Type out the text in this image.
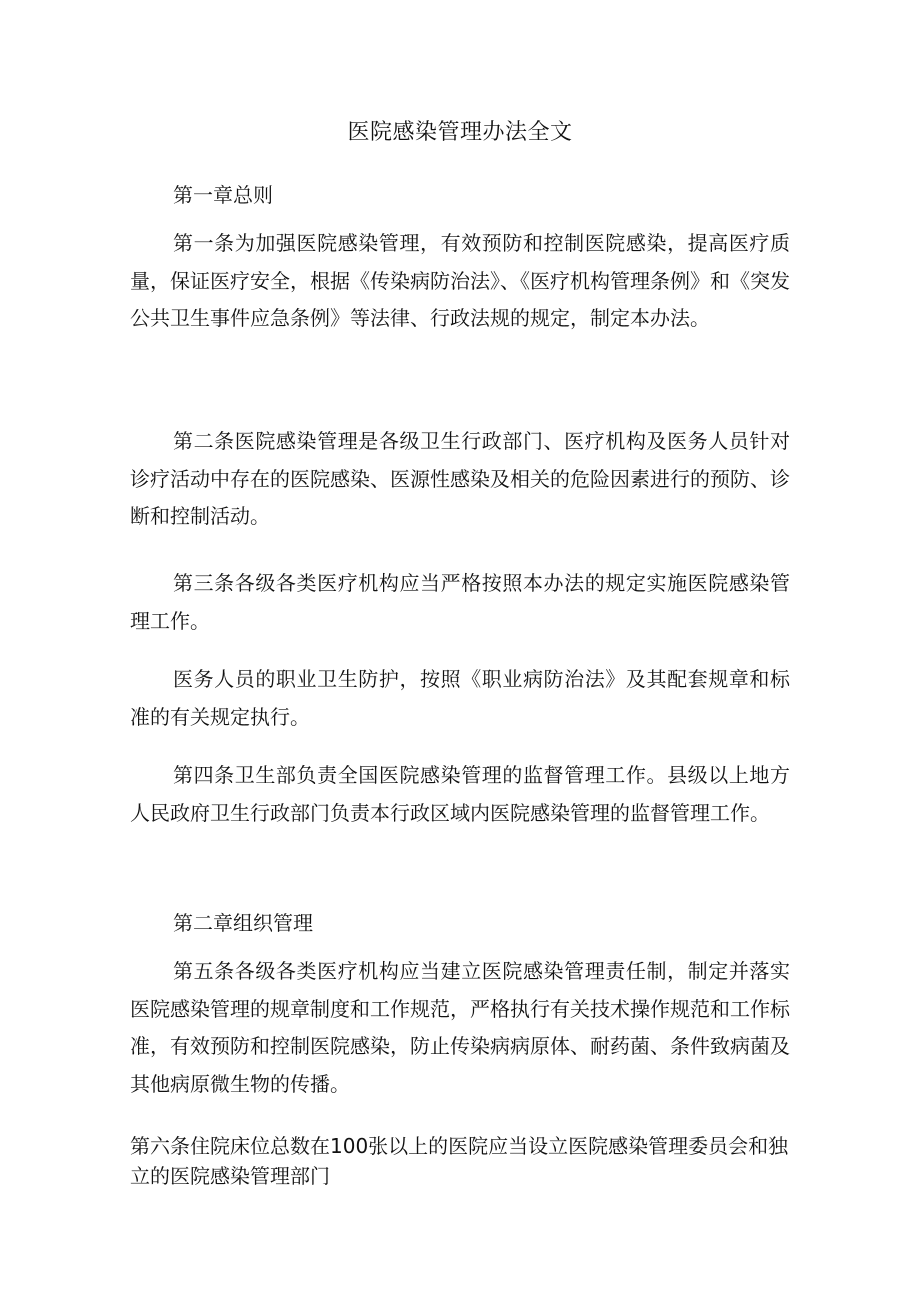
医院感染管理办法全文

第一章总则

第一条为加强医院感染管理，有效预防和控制医院感染，提高医疗质量，保证医疗安全，根据《传染病防治法》、《医疗机构管理条例》和《突发公共卫生事件应急条例》等法律、行政法规的规定，制定本办法。

第二条医院感染管理是各级卫生行政部门、医疗机构及医务人员针对诊疗活动中存在的医院感染、医源性感染及相关的危险因素进行的预防、诊断和控制活动。

第三条各级各类医疗机构应当严格按照本办法的规定实施医院感染管理工作。

医务人员的职业卫生防护，按照《职业病防治法》及其配套规章和标准的有关规定执行。

第四条卫生部负责全国医院感染管理的监督管理工作。县级以上地方人民政府卫生行政部门负责本行政区域内医院感染管理的监督管理工作。

第二章组织管理

第五条各级各类医疗机构应当建立医院感染管理责任制，制定并落实医院感染管理的规章制度和工作规范，严格执行有关技术操作规范和工作标准，有效预防和控制医院感染，防止传染病病原体、耐药菌、条件致病菌及其他病原微生物的传播。

第六条住院床位总数在100张以上的医院应当设立医院感染管理委员会和独立的医院感染管理部门
